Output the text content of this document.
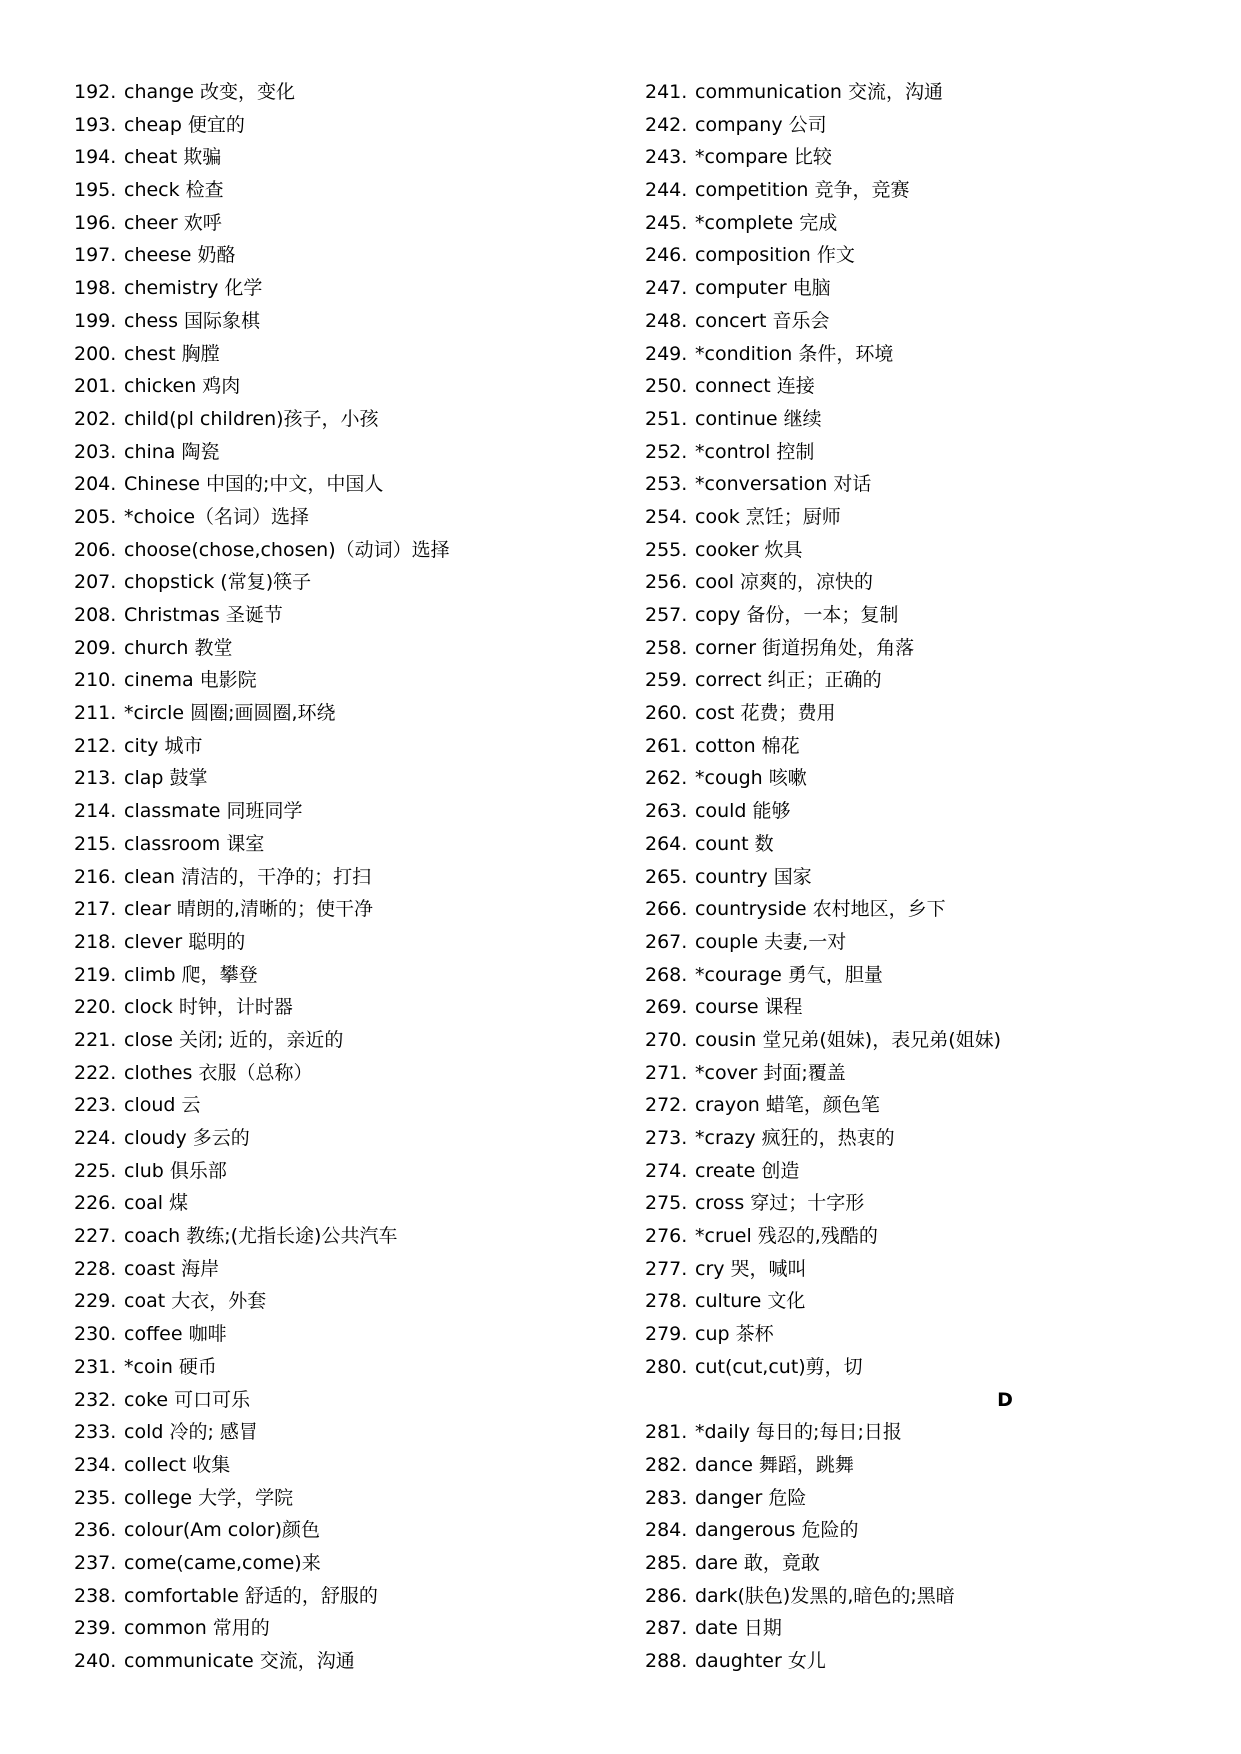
192. change 改变，变化
193. cheap 便宜的
194. cheat 欺骗
195. check 检查
196. cheer 欢呼
197. cheese 奶酪
198. chemistry 化学
199. chess 国际象棋
200. chest 胸膛
201. chicken 鸡肉
202. child(pl children)孩子，小孩
203. china 陶瓷
204. Chinese 中国的;中文，中国人
205. *choice（名词）选择
206. choose(chose,chosen)（动词）选择
207. chopstick (常复)筷子
208. Christmas 圣诞节
209. church 教堂
210. cinema 电影院
211. *circle 圆圈;画圆圈,环绕
212. city 城市
213. clap 鼓掌
214. classmate 同班同学
215. classroom 课室
216. clean 清洁的，干净的；打扫
217. clear 晴朗的,清晰的；使干净
218. clever 聪明的
219. climb 爬，攀登
220. clock 时钟，计时器
221. close 关闭; 近的，亲近的
222. clothes 衣服（总称）
223. cloud 云
224. cloudy 多云的
225. club 俱乐部
226. coal 煤
227. coach 教练;(尤指长途)公共汽车
228. coast 海岸
229. coat 大衣，外套
230. coffee 咖啡
231. *coin 硬币
232. coke 可口可乐
233. cold 冷的; 感冒
234. collect 收集
235. college 大学，学院
236. colour(Am color)颜色
237. come(came,come)来
238. comfortable 舒适的，舒服的
239. common 常用的
240. communicate 交流，沟通
241. communication 交流，沟通
242. company 公司
243. *compare 比较
244. competition 竞争，竞赛
245. *complete 完成
246. composition 作文
247. computer 电脑
248. concert 音乐会
249. *condition 条件，环境
250. connect 连接
251. continue 继续
252. *control 控制
253. *conversation 对话
254. cook 烹饪；厨师
255. cooker 炊具
256. cool 凉爽的，凉快的
257. copy 备份，一本；复制
258. corner 街道拐角处，角落
259. correct 纠正；正确的
260. cost 花费；费用
261. cotton 棉花
262. *cough 咳嗽
263. could 能够
264. count 数
265. country 国家
266. countryside 农村地区，乡下
267. couple 夫妻,一对
268. *courage 勇气，胆量
269. course 课程
270. cousin 堂兄弟(姐妹)，表兄弟(姐妹)
271. *cover 封面;覆盖
272. crayon 蜡笔，颜色笔
273. *crazy 疯狂的，热衷的
274. create 创造
275. cross 穿过；十字形
276. *cruel 残忍的,残酷的
277. cry 哭，喊叫
278. culture 文化
279. cup 茶杯
280. cut(cut,cut)剪，切
D
281. *daily 每日的;每日;日报
282. dance 舞蹈，跳舞
283. danger 危险
284. dangerous 危险的
285. dare 敢，竟敢
286. dark(肤色)发黑的,暗色的;黑暗
287. date 日期
288. daughter 女儿
